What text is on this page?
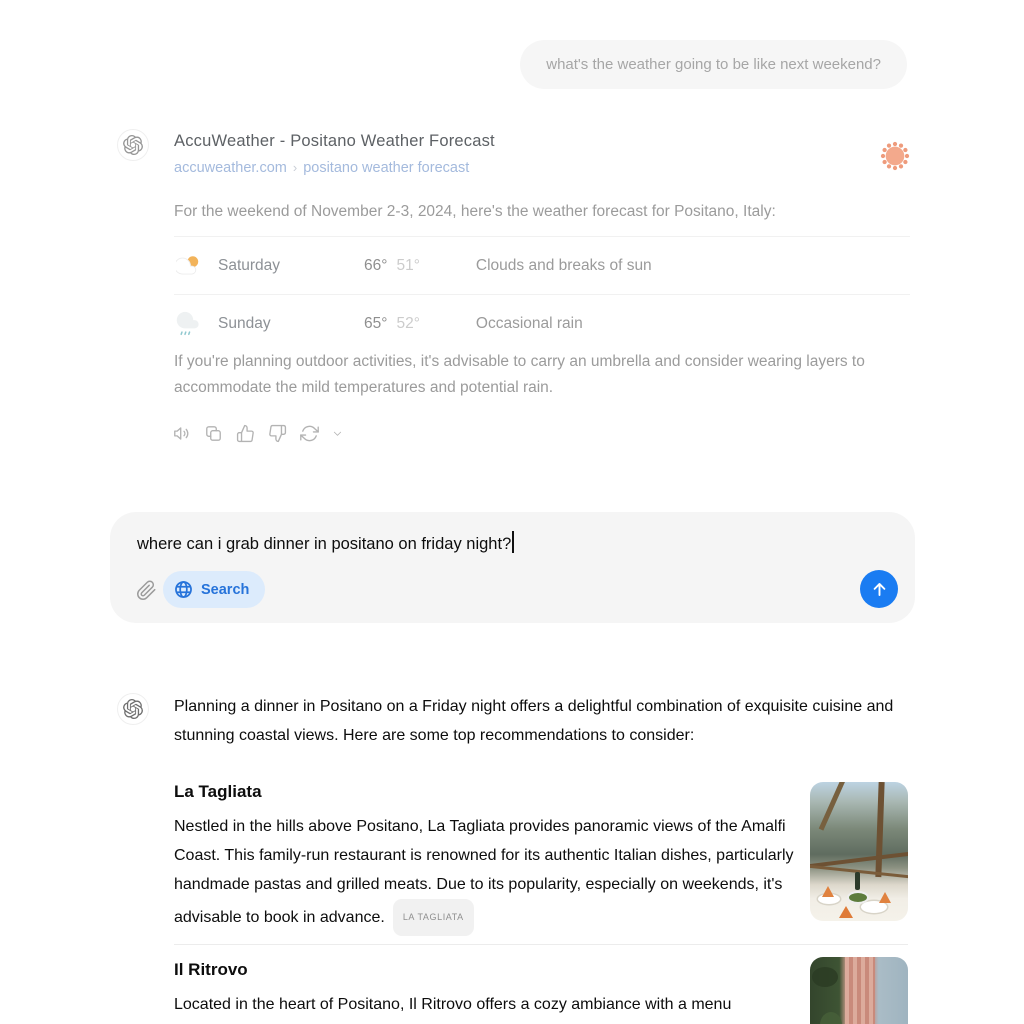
what's the weather going to be like next weekend?
AccuWeather - Positano Weather Forecast
accuweather.com › positano weather forecast
For the weekend of November 2-3, 2024, here's the weather forecast for Positano, Italy:
Saturday	66° 51°	Clouds and breaks of sun
Sunday	65° 52°	Occasional rain
If you're planning outdoor activities, it's advisable to carry an umbrella and consider wearing layers to accommodate the mild temperatures and potential rain.
where can i grab dinner in positano on friday night?
Search
Planning a dinner in Positano on a Friday night offers a delightful combination of exquisite cuisine and stunning coastal views. Here are some top recommendations to consider:
La Tagliata
Nestled in the hills above Positano, La Tagliata provides panoramic views of the Amalfi Coast. This family-run restaurant is renowned for its authentic Italian dishes, particularly handmade pastas and grilled meats. Due to its popularity, especially on weekends, it's advisable to book in advance. LA TAGLIATA
Il Ritrovo
Located in the heart of Positano, Il Ritrovo offers a cozy ambiance with a menu
